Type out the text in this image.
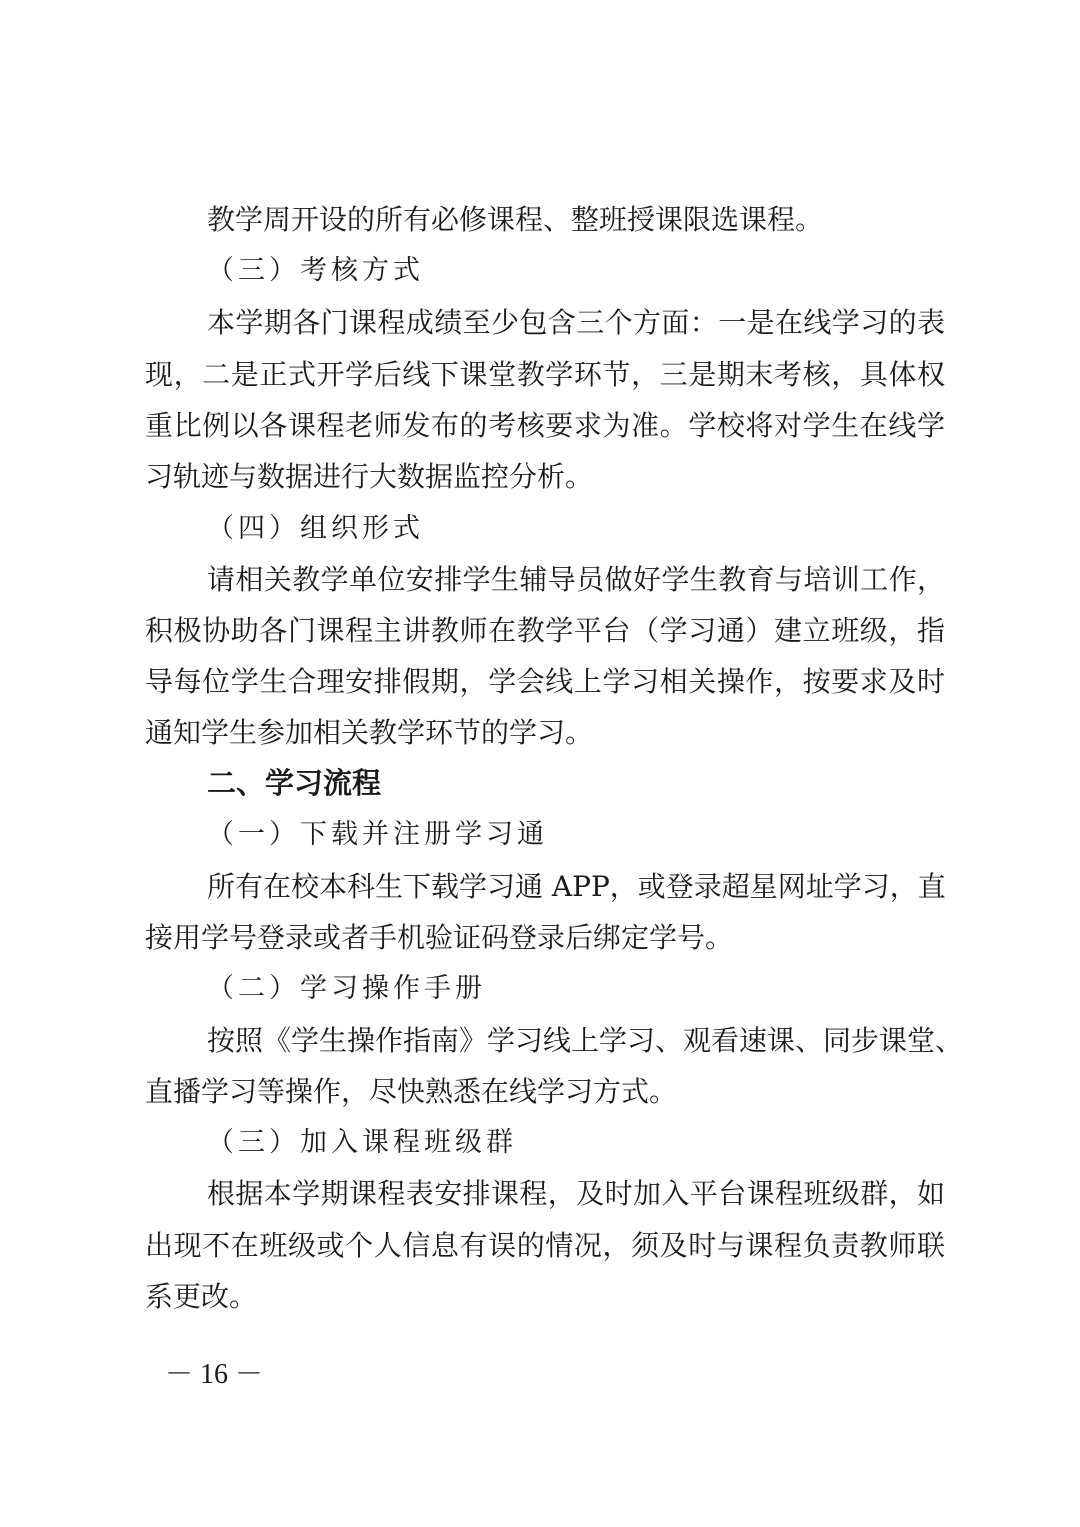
教学周开设的所有必修课程、整班授课限选课程。
（三）考核方式
本学期各门课程成绩至少包含三个方面：一是在线学习的表
现，二是正式开学后线下课堂教学环节，三是期末考核，具体权
重比例以各课程老师发布的考核要求为准。学校将对学生在线学
习轨迹与数据进行大数据监控分析。
（四）组织形式
请相关教学单位安排学生辅导员做好学生教育与培训工作，
积极协助各门课程主讲教师在教学平台（学习通）建立班级，指
导每位学生合理安排假期，学会线上学习相关操作，按要求及时
通知学生参加相关教学环节的学习。
二、学习流程
（一）下载并注册学习通
所有在校本科生下载学习通 APP，或登录超星网址学习，直
接用学号登录或者手机验证码登录后绑定学号。
（二）学习操作手册
按照《学生操作指南》学习线上学习、观看速课、同步课堂、
直播学习等操作，尽快熟悉在线学习方式。
（三）加入课程班级群
根据本学期课程表安排课程，及时加入平台课程班级群，如
出现不在班级或个人信息有误的情况，须及时与课程负责教师联
系更改。
－ 16 －
